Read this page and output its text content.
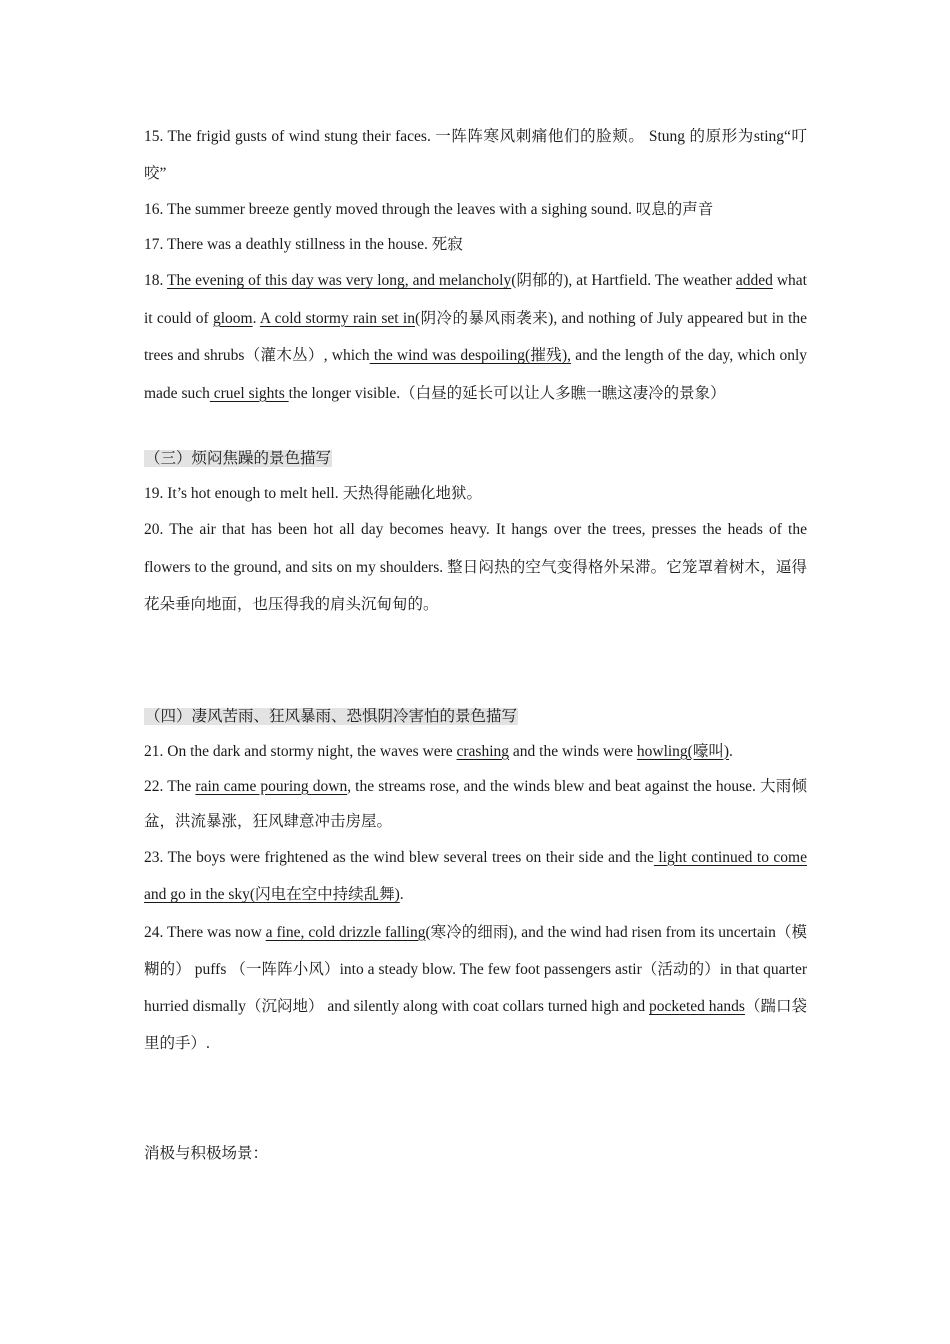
15. The frigid gusts of wind stung their faces. 一阵阵寒风刺痛他们的脸颊。 Stung 的原形为sting“叮咬”

16. The summer breeze gently moved through the leaves with a sighing sound. 叹息的声音

17. There was a deathly stillness in the house. 死寂

18. The evening of this day was very long, and melancholy(阴郁的), at Hartfield. The weather added what it could of gloom. A cold stormy rain set in(阴冷的暴风雨袭来), and nothing of July appeared but in the trees and shrubs（灌木丛）, which the wind was despoiling(摧残), and the length of the day, which only made such cruel sights the longer visible.（白昼的延长可以让人多瞧一瞧这凄冷的景象）

（三）烦闷焦躁的景色描写

19. It’s hot enough to melt hell. 天热得能融化地狱。

20. The air that has been hot all day becomes heavy. It hangs over the trees, presses the heads of the flowers to the ground, and sits on my shoulders. 整日闷热的空气变得格外呆滞。它笼罩着树木，逼得花朵垂向地面，也压得我的肩头沉甸甸的。

（四）凄风苦雨、狂风暴雨、恐惧阴冷害怕的景色描写

21. On the dark and stormy night, the waves were crashing and the winds were howling(嚎叫).

22. The rain came pouring down, the streams rose, and the winds blew and beat against the house. 大雨倾盆，洪流暴涨，狂风肆意冲击房屋。

23. The boys were frightened as the wind blew several trees on their side and the light continued to come and go in the sky(闪电在空中持续乱舞).

24. There was now a fine, cold drizzle falling(寒冷的细雨), and the wind had risen from its uncertain（模糊的） puffs （一阵阵小风）into a steady blow. The few foot passengers astir（活动的）in that quarter hurried dismally（沉闷地） and silently along with coat collars turned high and pocketed hands（踹口袋里的手）.

消极与积极场景：
